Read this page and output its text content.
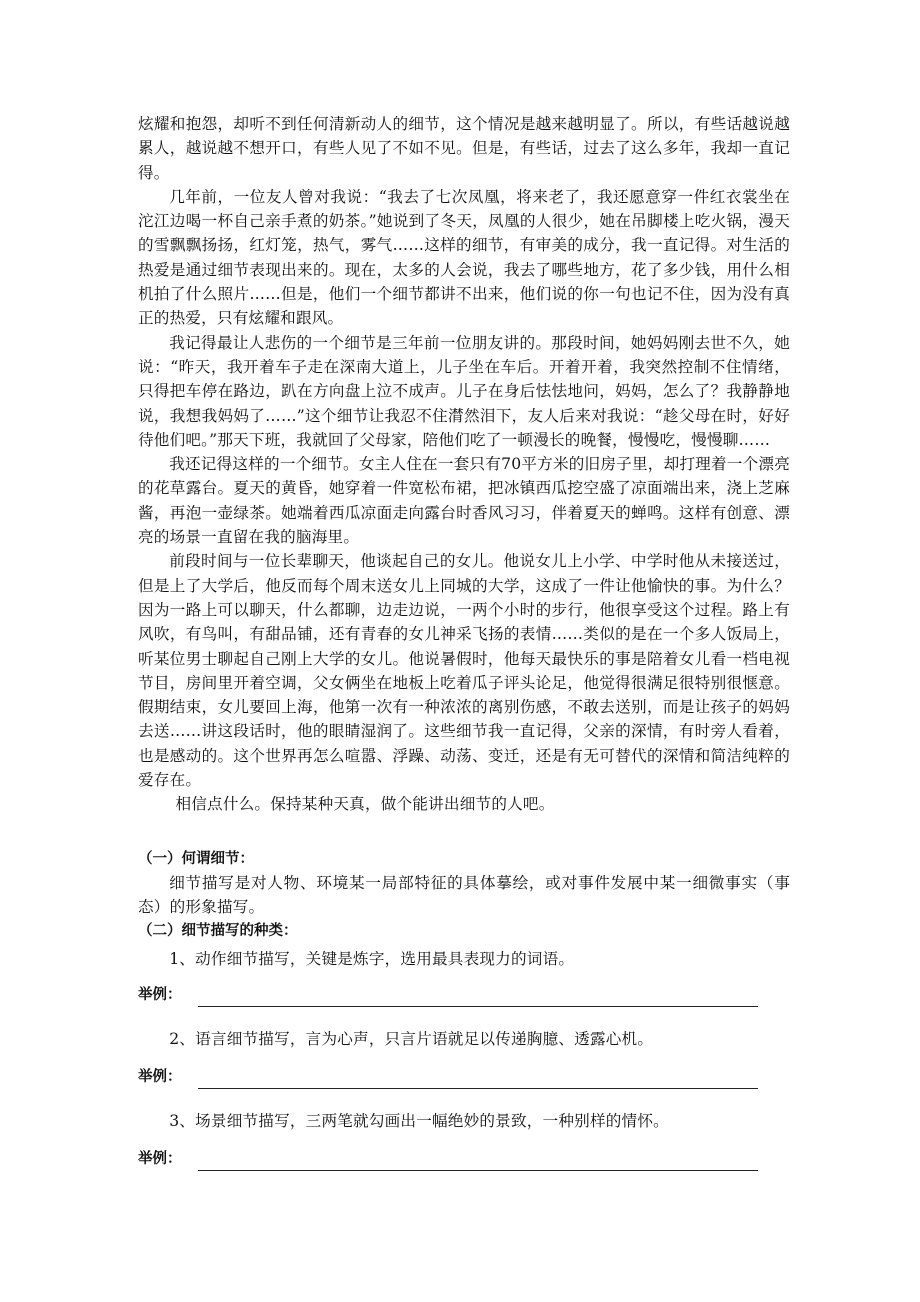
炫耀和抱怨，却听不到任何清新动人的细节，这个情况是越来越明显了。所以，有些话越说越累人，越说越不想开口，有些人见了不如不见。但是，有些话，过去了这么多年，我却一直记得。

几年前，一位友人曾对我说：“我去了七次凤凰，将来老了，我还愿意穿一件红衣裳坐在沱江边喝一杯自己亲手煮的奶茶。”她说到了冬天，凤凰的人很少，她在吊脚楼上吃火锅，漫天的雪飘飘扬扬，红灯笼，热气，雾气……这样的细节，有审美的成分，我一直记得。对生活的热爱是通过细节表现出来的。现在，太多的人会说，我去了哪些地方，花了多少钱，用什么相机拍了什么照片……但是，他们一个细节都讲不出来，他们说的你一句也记不住，因为没有真正的热爱，只有炫耀和跟风。

我记得最让人悲伤的一个细节是三年前一位朋友讲的。那段时间，她妈妈刚去世不久，她说：“昨天，我开着车子走在深南大道上，儿子坐在车后。开着开着，我突然控制不住情绪，只得把车停在路边，趴在方向盘上泣不成声。儿子在身后怯怯地问，妈妈，怎么了？我静静地说，我想我妈妈了……”这个细节让我忍不住潸然泪下，友人后来对我说：“趁父母在时，好好待他们吧。”那天下班，我就回了父母家，陪他们吃了一顿漫长的晚餐，慢慢吃，慢慢聊……

我还记得这样的一个细节。女主人住在一套只有70平方米的旧房子里，却打理着一个漂亮的花草露台。夏天的黄昏，她穿着一件宽松布裙，把冰镇西瓜挖空盛了凉面端出来，浇上芝麻酱，再泡一壶绿茶。她端着西瓜凉面走向露台时香风习习，伴着夏天的蝉鸣。这样有创意、漂亮的场景一直留在我的脑海里。

前段时间与一位长辈聊天，他谈起自己的女儿。他说女儿上小学、中学时他从未接送过，但是上了大学后，他反而每个周末送女儿上同城的大学，这成了一件让他愉快的事。为什么？因为一路上可以聊天，什么都聊，边走边说，一两个小时的步行，他很享受这个过程。路上有风吹，有鸟叫，有甜品铺，还有青春的女儿神采飞扬的表情……类似的是在一个多人饭局上，听某位男士聊起自己刚上大学的女儿。他说暑假时，他每天最快乐的事是陪着女儿看一档电视节目，房间里开着空调，父女俩坐在地板上吃着瓜子评头论足，他觉得很满足很特别很惬意。假期结束，女儿要回上海，他第一次有一种浓浓的离别伤感，不敢去送别，而是让孩子的妈妈去送……讲这段话时，他的眼睛湿润了。这些细节我一直记得，父亲的深情，有时旁人看着，也是感动的。这个世界再怎么喧嚣、浮躁、动荡、变迁，还是有无可替代的深情和简洁纯粹的爱存在。

相信点什么。保持某种天真，做个能讲出细节的人吧。

（一）何谓细节：

细节描写是对人物、环境某一局部特征的具体摹绘，或对事件发展中某一细微事实（事态）的形象描写。

（二）细节描写的种类：

1、动作细节描写，关键是炼字，选用最具表现力的词语。

举例：

2、语言细节描写，言为心声，只言片语就足以传递胸臆、透露心机。

举例：

3、场景细节描写，三两笔就勾画出一幅绝妙的景致，一种别样的情怀。

举例：
